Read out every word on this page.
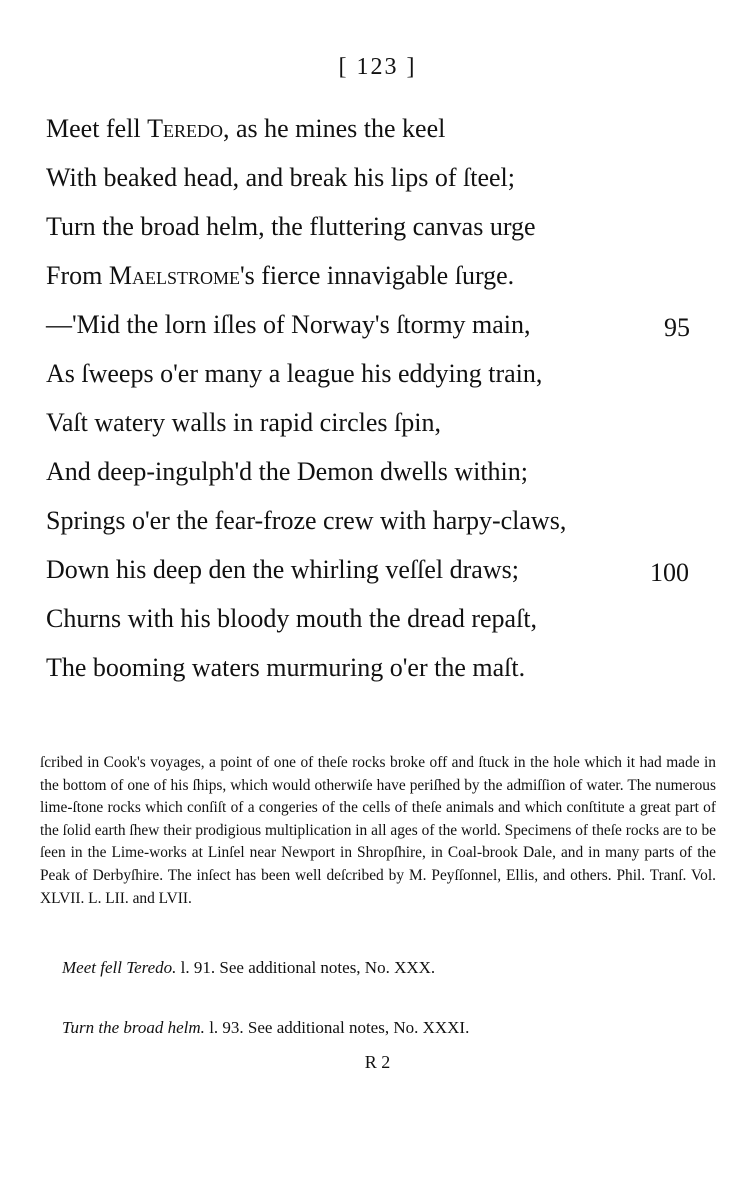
[ 123 ]
Meet fell Teredo, as he mines the keel
With beaked head, and break his lips of ſteel;
Turn the broad helm, the fluttering canvas urge
From Maelstrome's fierce innavigable ſurge.
—'Mid the lorn iſles of Norway's ſtormy main,	95
As ſweeps o'er many a league his eddying train,
Vaſt watery walls in rapid circles ſpin,
And deep-ingulph'd the Demon dwells within;
Springs o'er the fear-froze crew with harpy-claws,
Down his deep den the whirling veſſel draws;	100
Churns with his bloody mouth the dread repaſt,
The booming waters murmuring o'er the maſt.

ſcribed in Cook's voyages, a point of one of theſe rocks broke off and ſtuck in the hole which it had made in the bottom of one of his ſhips, which would otherwiſe have periſhed by the admiſſion of water. The numerous lime-ſtone rocks which conſiſt of a congeries of the cells of theſe animals and which conſtitute a great part of the ſolid earth ſhew their prodigious multiplication in all ages of the world. Specimens of theſe rocks are to be ſeen in the Lime-works at Linſel near Newport in Shropſhire, in Coal-brook Dale, and in many parts of the Peak of Derbyſhire. The inſect has been well deſcribed by M. Peyſſonnel, Ellis, and others. Phil. Tranſ. Vol. XLVII. L. LII. and LVII.

Meet fell Teredo. l. 91. See additional notes, No. XXX.
Turn the broad helm. l. 93. See additional notes, No. XXXI.
R 2
